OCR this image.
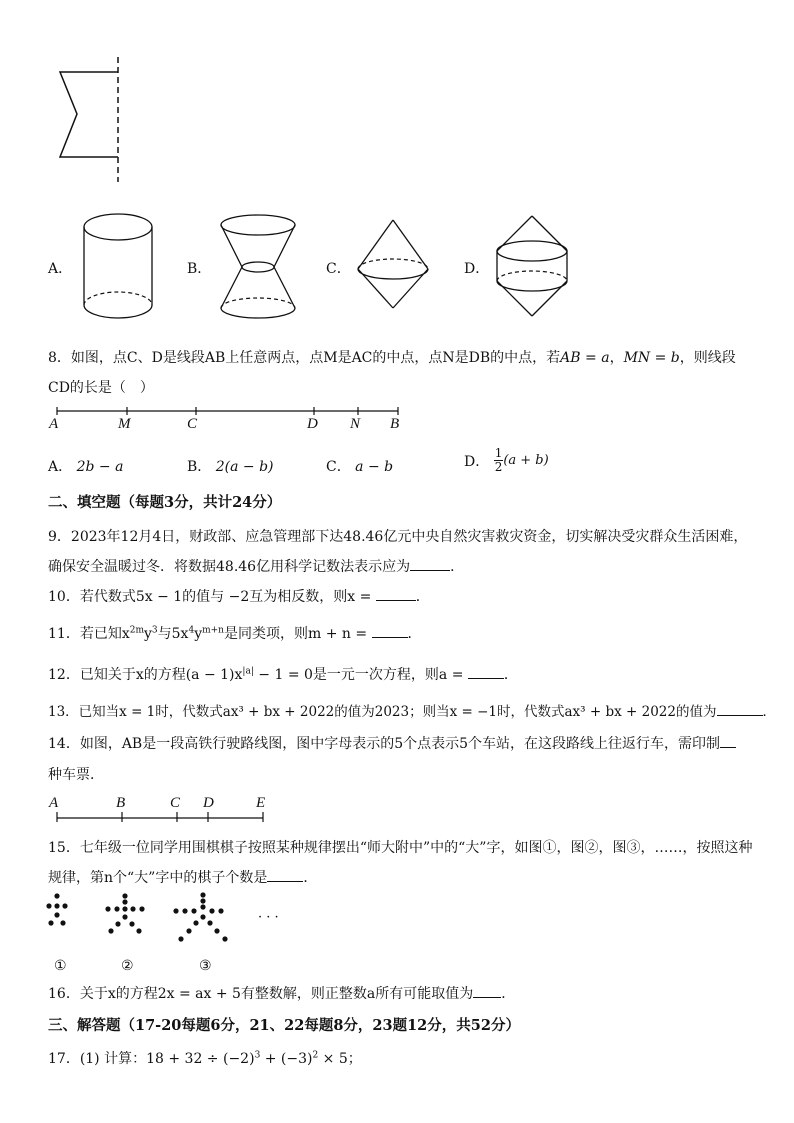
A．	B．	C．	D．
8．如图，点C、D是线段AB上任意两点，点M是AC的中点，点N是DB的中点，若AB = a，MN = b，则线段
CD的长是（　）
A	M	C	D N B
A． 2b − a	B． 2(a − b)	C． a − b	D． $\frac{1}{2} (a + b)$
二、填空题（每题3分，共计24分）
9．2023年12月4日，财政部、应急管理部下达48.46亿元中央自然灾害救灾资金，切实解决受灾群众生活困难，
确保安全温暖过冬．将数据48.46亿用科学记数法表示应为	．
10．若代数式5x − 1的值与 −2互为相反数，则x =	．
11．若已知$x^{2m}y^3$与$5x^4y^{m+n}$是同类项，则m + n =	．
12．已知关于x的方程$(a - 1)x^{|a|} - 1 = 0$是一元一次方程，则a =	．
13．已知当x = 1时，代数式ax³ + bx + 2022的值为2023；则当x = −1时，代数式ax³ + bx + 2022的值为	．
14．如图，AB是一段高铁行驶路线图，图中字母表示的5个点表示5个车站，在这段路线上往返行车，需印制
种车票．
A	B	C D	E
15．七年级一位同学用围棋棋子按照某种规律摆出“师大附中”中的“大”字，如图①，图②，图③，……，按照这种
规律，第n个“大”字中的棋子个数是	．
· · ·
①	②	③
16．关于x的方程2x = ax + 5有整数解，则正整数a所有可能取值为 ．
三、解答题（17-20每题6分，21、22每题8分，23题12分，共52分）
17．(1) 计算：$18 + 32 \div (-2)^3 + (-3)^2 \times 5$；
